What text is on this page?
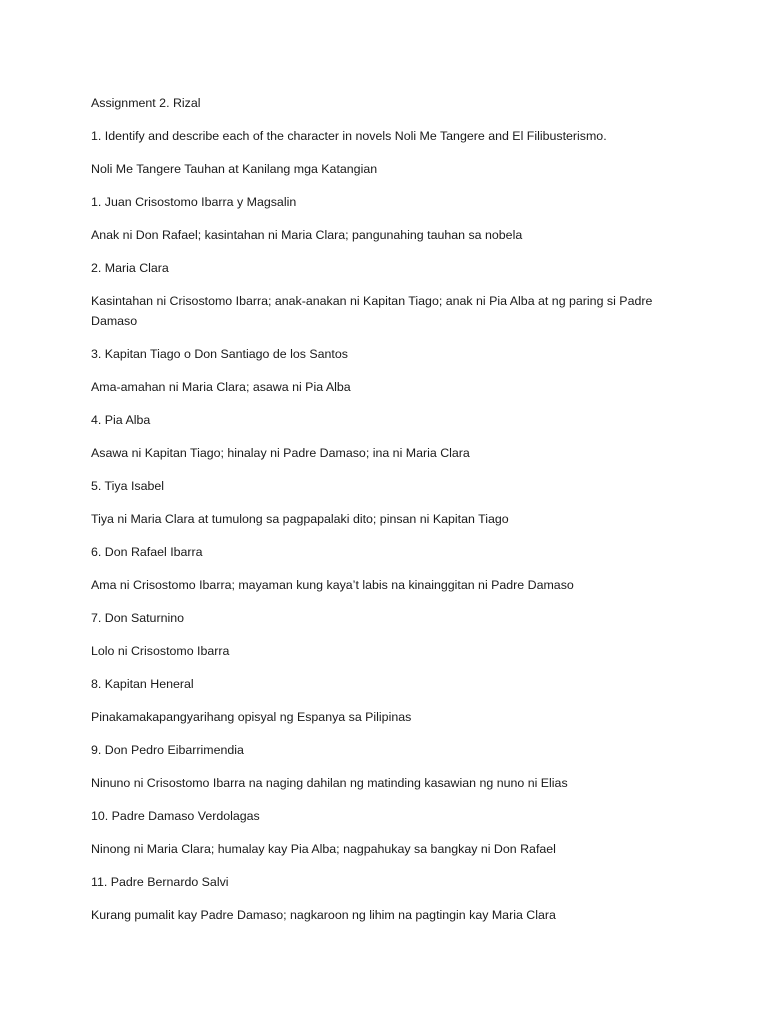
Assignment 2. Rizal

1. Identify and describe each of the character in novels Noli Me Tangere and El Filibusterismo.

Noli Me Tangere Tauhan at Kanilang mga Katangian

1. Juan Crisostomo Ibarra y Magsalin

Anak ni Don Rafael; kasintahan ni Maria Clara; pangunahing tauhan sa nobela

2. Maria Clara

Kasintahan ni Crisostomo Ibarra; anak-anakan ni Kapitan Tiago; anak ni Pia Alba at ng paring si Padre Damaso

3. Kapitan Tiago o Don Santiago de los Santos

Ama-amahan ni Maria Clara; asawa ni Pia Alba

4. Pia Alba

Asawa ni Kapitan Tiago; hinalay ni Padre Damaso; ina ni Maria Clara

5. Tiya Isabel

Tiya ni Maria Clara at tumulong sa pagpapalaki dito; pinsan ni Kapitan Tiago

6. Don Rafael Ibarra

Ama ni Crisostomo Ibarra; mayaman kung kaya’t labis na kinainggitan ni Padre Damaso

7. Don Saturnino

Lolo ni Crisostomo Ibarra

8. Kapitan Heneral

Pinakamakapangyarihang opisyal ng Espanya sa Pilipinas

9. Don Pedro Eibarrimendia

Ninuno ni Crisostomo Ibarra na naging dahilan ng matinding kasawian ng nuno ni Elias

10. Padre Damaso Verdolagas

Ninong ni Maria Clara; humalay kay Pia Alba; nagpahukay sa bangkay ni Don Rafael

11. Padre Bernardo Salvi

Kurang pumalit kay Padre Damaso; nagkaroon ng lihim na pagtingin kay Maria Clara
